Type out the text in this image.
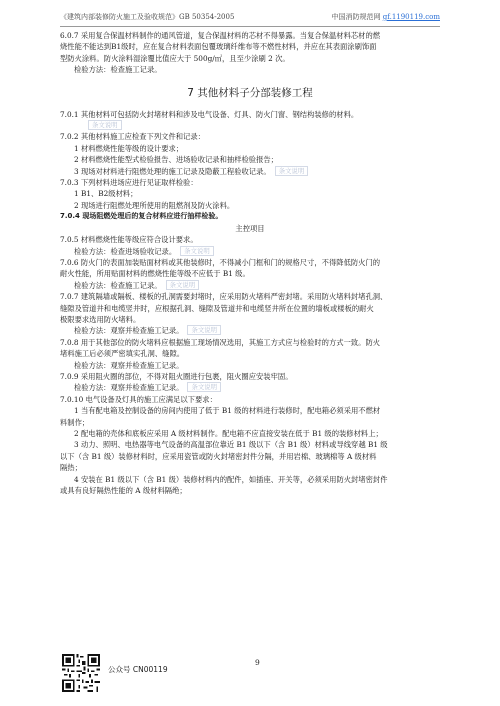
《建筑内部装修防火施工及验收规范》GB 50354-2005	中国消防规范网 gf.1190119.com
6.0.7 采用复合保温材料制作的通风管道，复合保温材料的芯材不得暴露。当复合保温材料芯材的燃
烧性能不能达到B1级时，应在复合材料表面包覆玻璃纤维布等不燃性材料，并应在其表面涂刷饰面
型防火涂料。防火涂料湿涂覆比值应大于 500g/㎡，且至少涂刷 2 次。
检验方法：检查施工记录。
7 其他材料子分部装修工程
7.0.1 其他材料可包括防火封堵材料和涉及电气设备、灯具、防火门窗、钢结构装修的材料。
条文说明
7.0.2 其他材料施工应检查下列文件和记录：
1 材料燃烧性能等级的设计要求；
2 材料燃烧性能型式检验报告、进场验收记录和抽样检验报告；
3 现场对材料进行阻燃处理的施工记录及隐蔽工程验收记录。 条文说明
7.0.3 下列材料进场应进行见证取样检验：
1 B1、B2级材料；
2 现场进行阻燃处理所使用的阻燃剂及防火涂料。
7.0.4 现场阻燃处理后的复合材料应进行抽样检验。
主控项目
7.0.5 材料燃烧性能等级应符合设计要求。
检验方法：检查进场验收记录。 条文说明
7.0.6 防火门的表面加装贴面材料或其他装修时，不得减小门框和门的规格尺寸，不得降低防火门的
耐火性能，所用贴面材料的燃烧性能等级不应低于 B1 级。
检验方法：检查施工记录。 条文说明
7.0.7 建筑隔墙或隔板、楼板的孔洞需要封堵时，应采用防火堵料严密封堵。采用防火堵料封堵孔洞、
缝隙及管道井和电缆竖井时，应根据孔洞、缝隙及管道井和电缆竖井所在位置的墙板或楼板的耐火
极限要求选用防火堵料。
检验方法：观察并检查施工记录。 条文说明
7.0.8 用于其他部位的防火堵料应根据施工现场情况选用，其施工方式应与检验时的方式一致。防火
堵料施工后必须严密填实孔洞、缝隙。
检验方法：观察并检查施工记录。
7.0.9 采用阻火圈的部位，不得对阻火圈进行包裹，阻火圈应安装牢固。
检验方法：观察并检查施工记录。 条文说明
7.0.10 电气设备及灯具的施工应满足以下要求：
1 当有配电箱及控制设备的房间内使用了低于 B1 级的材料进行装修时，配电箱必须采用不燃材
料制作；
2 配电箱的壳体和底板应采用 A 级材料制作。配电箱不应直接安装在低于 B1 级的装修材料上；
3 动力、照明、电热器等电气设备的高温部位靠近 B1 级以下（含 B1 级）材料或导线穿越 B1 级
以下（含 B1 级）装修材料时，应采用瓷管或防火封堵密封件分隔，并用岩棉、玻璃棉等 A 级材料
隔热；
4 安装在 B1 级以下（含 B1 级）装修材料内的配件，如插座、开关等，必须采用防火封堵密封件
或具有良好隔热性能的 A 级材料隔绝；
公众号 CN00119
9
